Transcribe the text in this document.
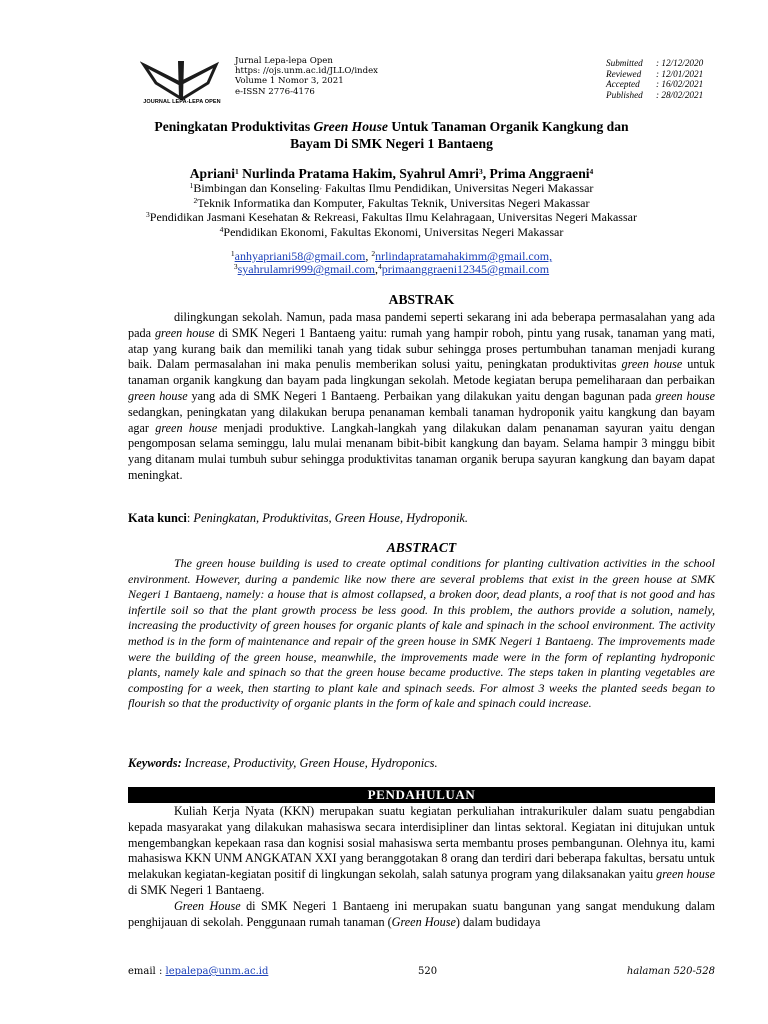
JOURNAL LEPA-LEPA OPEN
Jurnal Lepa-lepa Open
https: //ojs.unm.ac.id/JLLO/index
Volume 1 Nomor 3, 2021
e-ISSN 2776-4176
Submitted	: 12/12/2020
Reviewed	: 12/01/2021
Accepted	: 16/02/2021
Published	: 28/02/2021
Peningkatan Produktivitas Green House Untuk Tanaman Organik Kangkung dan
Bayam Di SMK Negeri 1 Bantaeng
Apriani$^1$ Nurlinda Pratama Hakim, Syahrul Amri$^3$, Prima Anggraeni$^4$
$^1$Bimbingan dan Konseling¸ Fakultas Ilmu Pendidikan, Universitas Negeri Makassar
$^2$Teknik Informatika dan Komputer, Fakultas Teknik, Universitas Negeri Makassar
$^3$Pendidikan Jasmani Kesehatan & Rekreasi, Fakultas Ilmu Kelahragaan, Universitas Negeri Makassar
$^4$Pendidikan Ekonomi, Fakultas Ekonomi, Universitas Negeri Makassar
$^1$anhyapriani58@gmail.com, $^2$nrlindapratamahakimm@gmail.com,
$^3$syahrulamri999@gmail.com,$^4$primaanggraeni12345@gmail.com
ABSTRAK

dilingkungan sekolah. Namun, pada masa pandemi seperti sekarang ini ada beberapa permasalahan yang ada pada green house di SMK Negeri 1 Bantaeng yaitu: rumah yang hampir roboh, pintu yang rusak, tanaman yang mati, atap yang kurang baik dan memiliki tanah yang tidak subur sehingga proses pertumbuhan tanaman menjadi kurang baik. Dalam permasalahan ini maka penulis memberikan solusi yaitu, peningkatan produktivitas green house untuk tanaman organik kangkung dan bayam pada lingkungan sekolah. Metode kegiatan berupa pemeliharaan dan perbaikan green house yang ada di SMK Negeri 1 Bantaeng. Perbaikan yang dilakukan yaitu dengan bagunan pada green house sedangkan, peningkatan yang dilakukan berupa penanaman kembali tanaman hydroponik yaitu kangkung dan bayam agar green house menjadi produktive. Langkah-langkah yang dilakukan dalam penanaman sayuran yaitu dengan pengomposan selama seminggu, lalu mulai menanam bibit-bibit kangkung dan bayam. Selama hampir 3 minggu bibit yang ditanam mulai tumbuh subur sehingga produktivitas tanaman organik berupa sayuran kangkung dan bayam dapat meningkat.

Kata kunci: Peningkatan, Produktivitas, Green House, Hydroponik.
ABSTRACT

The green house building is used to create optimal conditions for planting cultivation activities in the school environment. However, during a pandemic like now there are several problems that exist in the green house at SMK Negeri 1 Bantaeng, namely: a house that is almost collapsed, a broken door, dead plants, a roof that is not good and has infertile soil so that the plant growth process be less good. In this problem, the authors provide a solution, namely, increasing the productivity of green houses for organic plants of kale and spinach in the school environment. The activity method is in the form of maintenance and repair of the green house in SMK Negeri 1 Bantaeng. The improvements made were the building of the green house, meanwhile, the improvements made were in the form of replanting hydroponic plants, namely kale and spinach so that the green house became productive. The steps taken in planting vegetables are composting for a week, then starting to plant kale and spinach seeds. For almost 3 weeks the planted seeds began to flourish so that the productivity of organic plants in the form of kale and spinach could increase.

Keywords: Increase, Productivity, Green House, Hydroponics.
PENDAHULUAN

Kuliah Kerja Nyata (KKN) merupakan suatu kegiatan perkuliahan intrakurikuler dalam suatu pengabdian kepada masyarakat yang dilakukan mahasiswa secara interdisipliner dan lintas sektoral. Kegiatan ini ditujukan untuk mengembangkan kepekaan rasa dan kognisi sosial mahasiswa serta membantu proses pembangunan. Olehnya itu, kami mahasiswa KKN UNM ANGKATAN XXI yang beranggotakan 8 orang dan terdiri dari beberapa fakultas, bersatu untuk melakukan kegiatan-kegiatan positif di lingkungan sekolah, salah satunya program yang dilaksanakan yaitu green house di SMK Negeri 1 Bantaeng.

Green House di SMK Negeri 1 Bantaeng ini merupakan suatu bangunan yang sangat mendukung dalam penghijauan di sekolah. Penggunaan rumah tanaman (Green House) dalam budidaya

email : lepalepa@unm.ac.id	520	halaman 520-528
